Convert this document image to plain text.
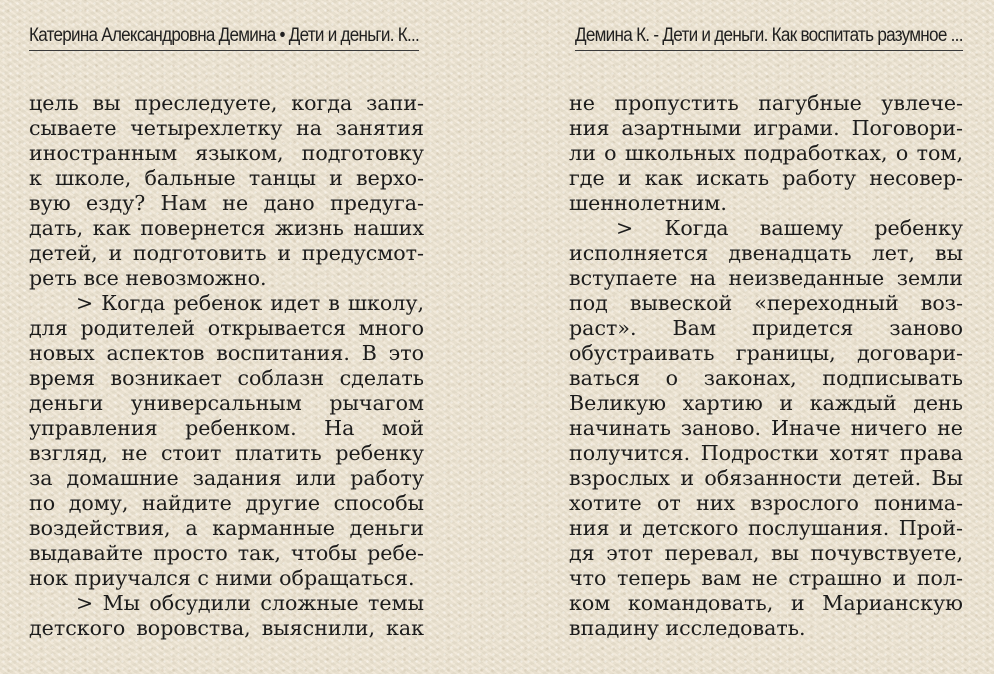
Катерина Александровна Демина • Дети и деньги. К...
цель вы преследуете, когда запи-
сываете четырехлетку на занятия
иностранным языком, подготовку
к школе, бальные танцы и верхо-
вую езду? Нам не дано предуга-
дать, как повернется жизнь наших
детей, и подготовить и предусмот-
реть все невозможно.
> Когда ребенок идет в школу,
для родителей открывается много
новых аспектов воспитания. В это
время возникает соблазн сделать
деньги универсальным рычагом
управления ребенком. На мой
взгляд, не стоит платить ребенку
за домашние задания или работу
по дому, найдите другие способы
воздействия, а карманные деньги
выдавайте просто так, чтобы ребе-
нок приучался с ними обращаться.
> Мы обсудили сложные темы
детского воровства, выяснили, как
Демина К. - Дети и деньги. Как воспитать разумное ...
не пропустить пагубные увлече-
ния азартными играми. Поговори-
ли о школьных подработках, о том,
где и как искать работу несовер-
шеннолетним.
> Когда вашему ребенку
исполняется двенадцать лет, вы
вступаете на неизведанные земли
под вывеской «переходный воз-
раст». Вам придется заново
обустраивать границы, договари-
ваться о законах, подписывать
Великую хартию и каждый день
начинать заново. Иначе ничего не
получится. Подростки хотят права
взрослых и обязанности детей. Вы
хотите от них взрослого понима-
ния и детского послушания. Прой-
дя этот перевал, вы почувствуете,
что теперь вам не страшно и пол-
ком командовать, и Марианскую
впадину исследовать.
